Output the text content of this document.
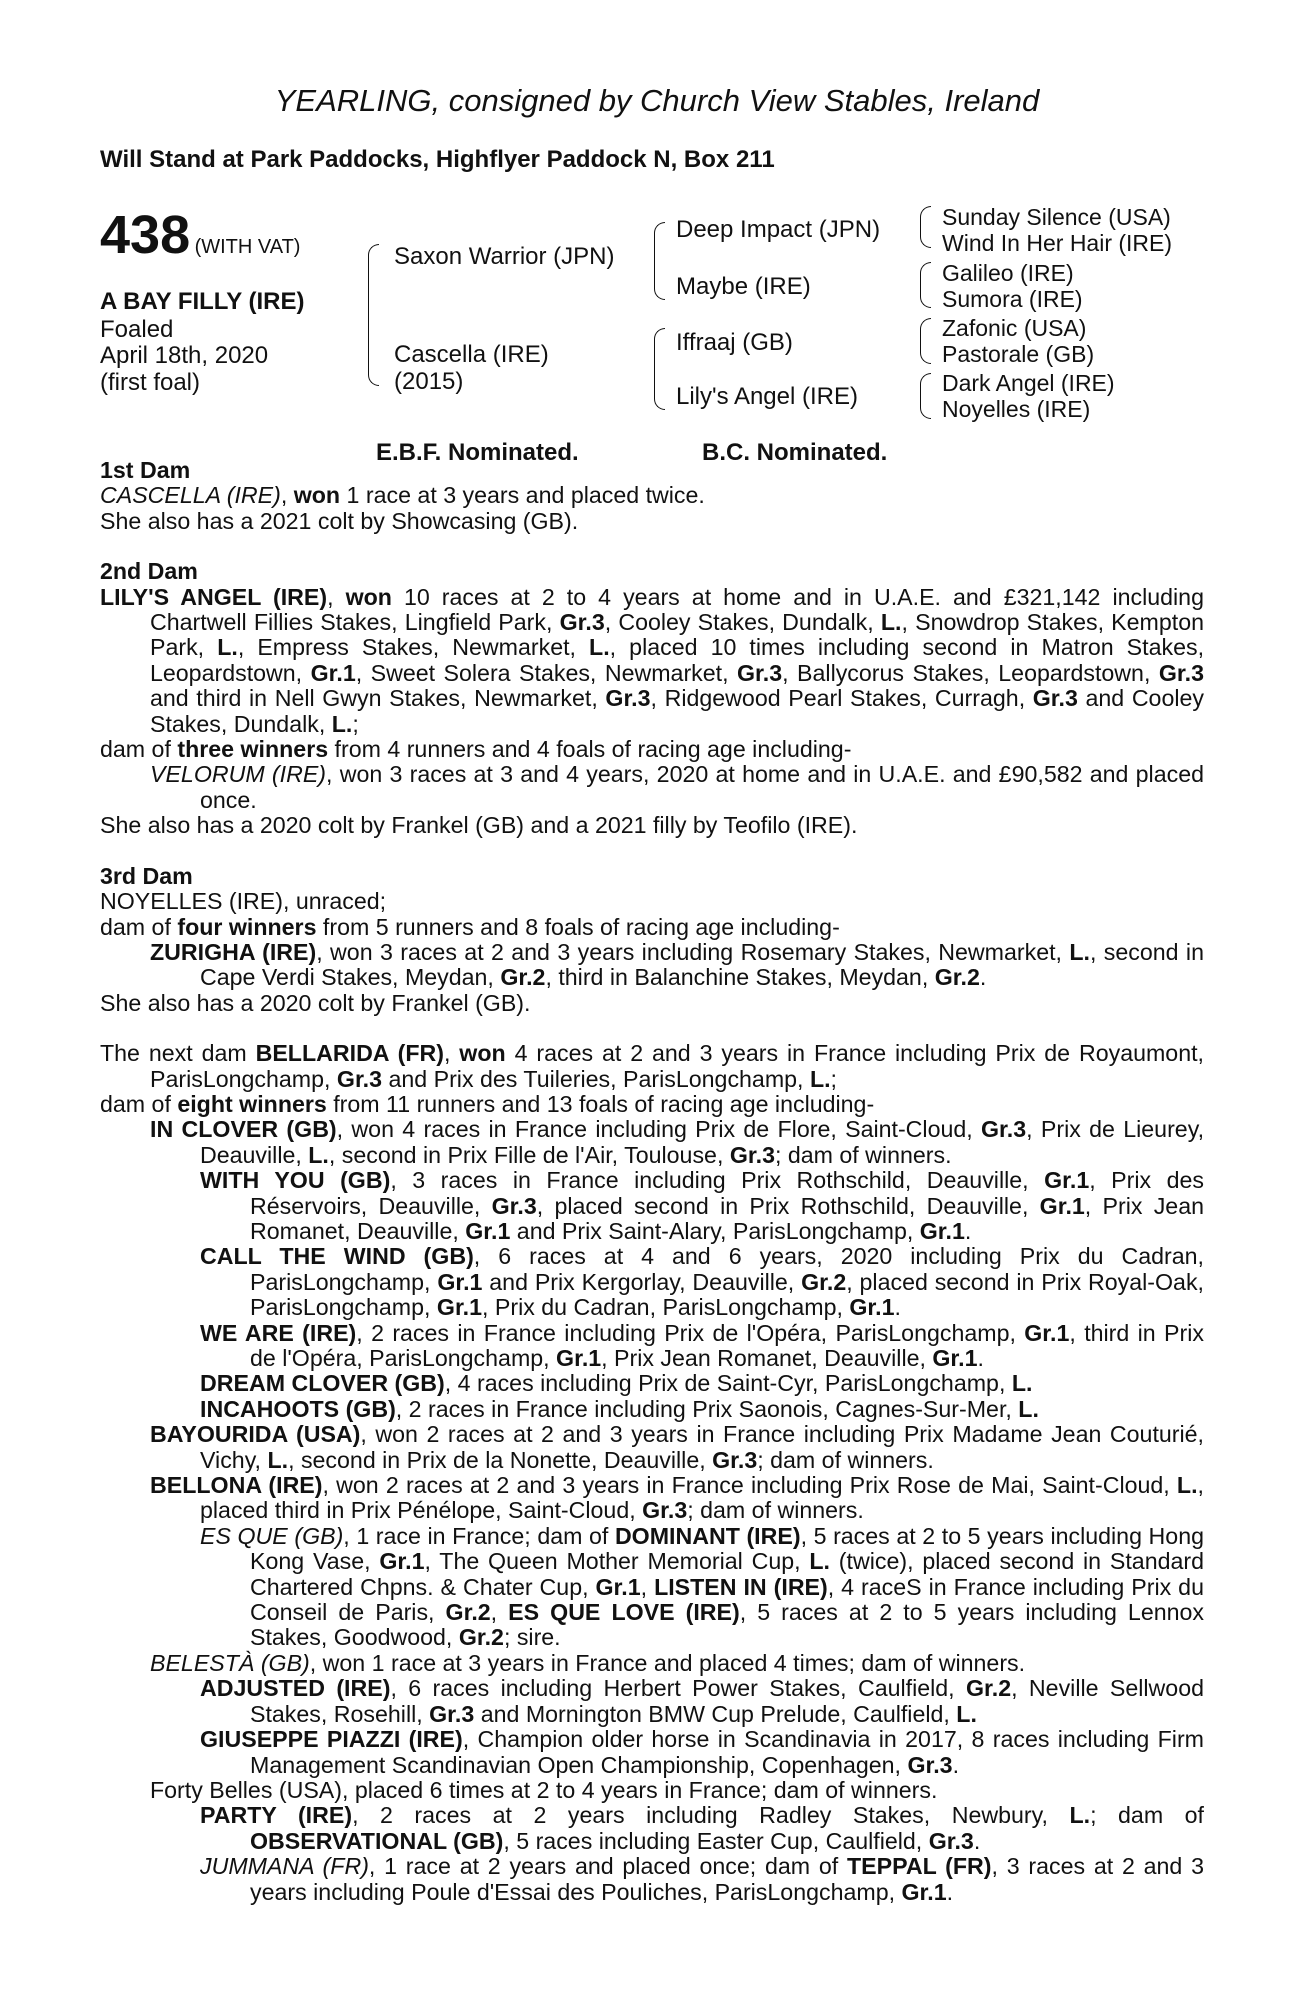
YEARLING, consigned by Church View Stables, Ireland
Will Stand at Park Paddocks, Highflyer Paddock N, Box 211
438 (WITH VAT)
A BAY FILLY (IRE)
Foaled
April 18th, 2020
(first foal)
Saxon Warrior (JPN)
Cascella (IRE)
(2015)
Deep Impact (JPN)
Maybe (IRE)
Iffraaj (GB)
Lily's Angel (IRE)
Sunday Silence (USA)
Wind In Her Hair (IRE)
Galileo (IRE)
Sumora (IRE)
Zafonic (USA)
Pastorale (GB)
Dark Angel (IRE)
Noyelles (IRE)
E.B.F. Nominated.	B.C. Nominated.

1st Dam

CASCELLA (IRE), won 1 race at 3 years and placed twice.

She also has a 2021 colt by Showcasing (GB).

2nd Dam

LILY'S ANGEL (IRE), won 10 races at 2 to 4 years at home and in U.A.E. and £321,142 including Chartwell Fillies Stakes, Lingfield Park, Gr.3, Cooley Stakes, Dundalk, L., Snowdrop Stakes, Kempton Park, L., Empress Stakes, Newmarket, L., placed 10 times including second in Matron Stakes, Leopardstown, Gr.1, Sweet Solera Stakes, Newmarket, Gr.3, Ballycorus Stakes, Leopardstown, Gr.3 and third in Nell Gwyn Stakes, Newmarket, Gr.3, Ridgewood Pearl Stakes, Curragh, Gr.3 and Cooley Stakes, Dundalk, L.;

dam of three winners from 4 runners and 4 foals of racing age including-

VELORUM (IRE), won 3 races at 3 and 4 years, 2020 at home and in U.A.E. and £90,582 and placed once.

She also has a 2020 colt by Frankel (GB) and a 2021 filly by Teofilo (IRE).

3rd Dam

NOYELLES (IRE), unraced;

dam of four winners from 5 runners and 8 foals of racing age including-

ZURIGHA (IRE), won 3 races at 2 and 3 years including Rosemary Stakes, Newmarket, L., second in Cape Verdi Stakes, Meydan, Gr.2, third in Balanchine Stakes, Meydan, Gr.2.

She also has a 2020 colt by Frankel (GB).

The next dam BELLARIDA (FR), won 4 races at 2 and 3 years in France including Prix de Royaumont, ParisLongchamp, Gr.3 and Prix des Tuileries, ParisLongchamp, L.;

dam of eight winners from 11 runners and 13 foals of racing age including-

IN CLOVER (GB), won 4 races in France including Prix de Flore, Saint-Cloud, Gr.3, Prix de Lieurey, Deauville, L., second in Prix Fille de l'Air, Toulouse, Gr.3; dam of winners.

WITH YOU (GB), 3 races in France including Prix Rothschild, Deauville, Gr.1, Prix des Réservoirs, Deauville, Gr.3, placed second in Prix Rothschild, Deauville, Gr.1, Prix Jean Romanet, Deauville, Gr.1 and Prix Saint-Alary, ParisLongchamp, Gr.1.

CALL THE WIND (GB), 6 races at 4 and 6 years, 2020 including Prix du Cadran, ParisLongchamp, Gr.1 and Prix Kergorlay, Deauville, Gr.2, placed second in Prix Royal-Oak, ParisLongchamp, Gr.1, Prix du Cadran, ParisLongchamp, Gr.1.

WE ARE (IRE), 2 races in France including Prix de l'Opéra, ParisLongchamp, Gr.1, third in Prix de l'Opéra, ParisLongchamp, Gr.1, Prix Jean Romanet, Deauville, Gr.1.

DREAM CLOVER (GB), 4 races including Prix de Saint-Cyr, ParisLongchamp, L.

INCAHOOTS (GB), 2 races in France including Prix Saonois, Cagnes-Sur-Mer, L.

BAYOURIDA (USA), won 2 races at 2 and 3 years in France including Prix Madame Jean Couturié, Vichy, L., second in Prix de la Nonette, Deauville, Gr.3; dam of winners.

BELLONA (IRE), won 2 races at 2 and 3 years in France including Prix Rose de Mai, Saint-Cloud, L., placed third in Prix Pénélope, Saint-Cloud, Gr.3; dam of winners.

ES QUE (GB), 1 race in France; dam of DOMINANT (IRE), 5 races at 2 to 5 years including Hong Kong Vase, Gr.1, The Queen Mother Memorial Cup, L. (twice), placed second in Standard Chartered Chpns. & Chater Cup, Gr.1, LISTEN IN (IRE), 4 raceS in France including Prix du Conseil de Paris, Gr.2, ES QUE LOVE (IRE), 5 races at 2 to 5 years including Lennox Stakes, Goodwood, Gr.2; sire.

BELESTÀ (GB), won 1 race at 3 years in France and placed 4 times; dam of winners.

ADJUSTED (IRE), 6 races including Herbert Power Stakes, Caulfield, Gr.2, Neville Sellwood Stakes, Rosehill, Gr.3 and Mornington BMW Cup Prelude, Caulfield, L.

GIUSEPPE PIAZZI (IRE), Champion older horse in Scandinavia in 2017, 8 races including Firm Management Scandinavian Open Championship, Copenhagen, Gr.3.

Forty Belles (USA), placed 6 times at 2 to 4 years in France; dam of winners.

PARTY (IRE), 2 races at 2 years including Radley Stakes, Newbury, L.; dam of OBSERVATIONAL (GB), 5 races including Easter Cup, Caulfield, Gr.3.

JUMMANA (FR), 1 race at 2 years and placed once; dam of TEPPAL (FR), 3 races at 2 and 3 years including Poule d'Essai des Pouliches, ParisLongchamp, Gr.1.
